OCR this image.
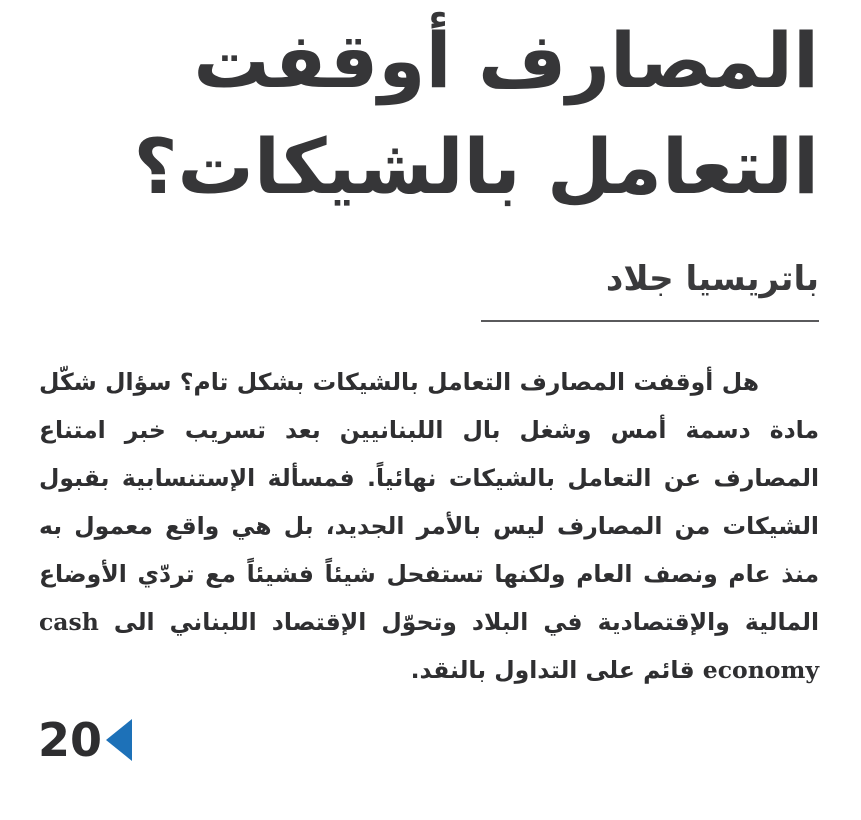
المصارف أوقفت التعامل بالشيكات؟
باتريسيا جلاد

هل أوقفت المصارف التعامل بالشيكات بشكل تام؟ سؤال شكّل مادة دسمة أمس وشغل بال اللبنانيين بعد تسريب خبر امتناع المصارف عن التعامل بالشيكات نهائياً. فمسألة الإستنسابية بقبول الشيكات من المصارف ليس بالأمر الجديد، بل هي واقع معمول به منذ عام ونصف العام ولكنها تستفحل شيئاً فشيئاً مع تردّي الأوضاع المالية والإقتصادية في البلاد وتحوّل الإقتصاد اللبناني الى cash economy قائم على التداول بالنقد.

20
